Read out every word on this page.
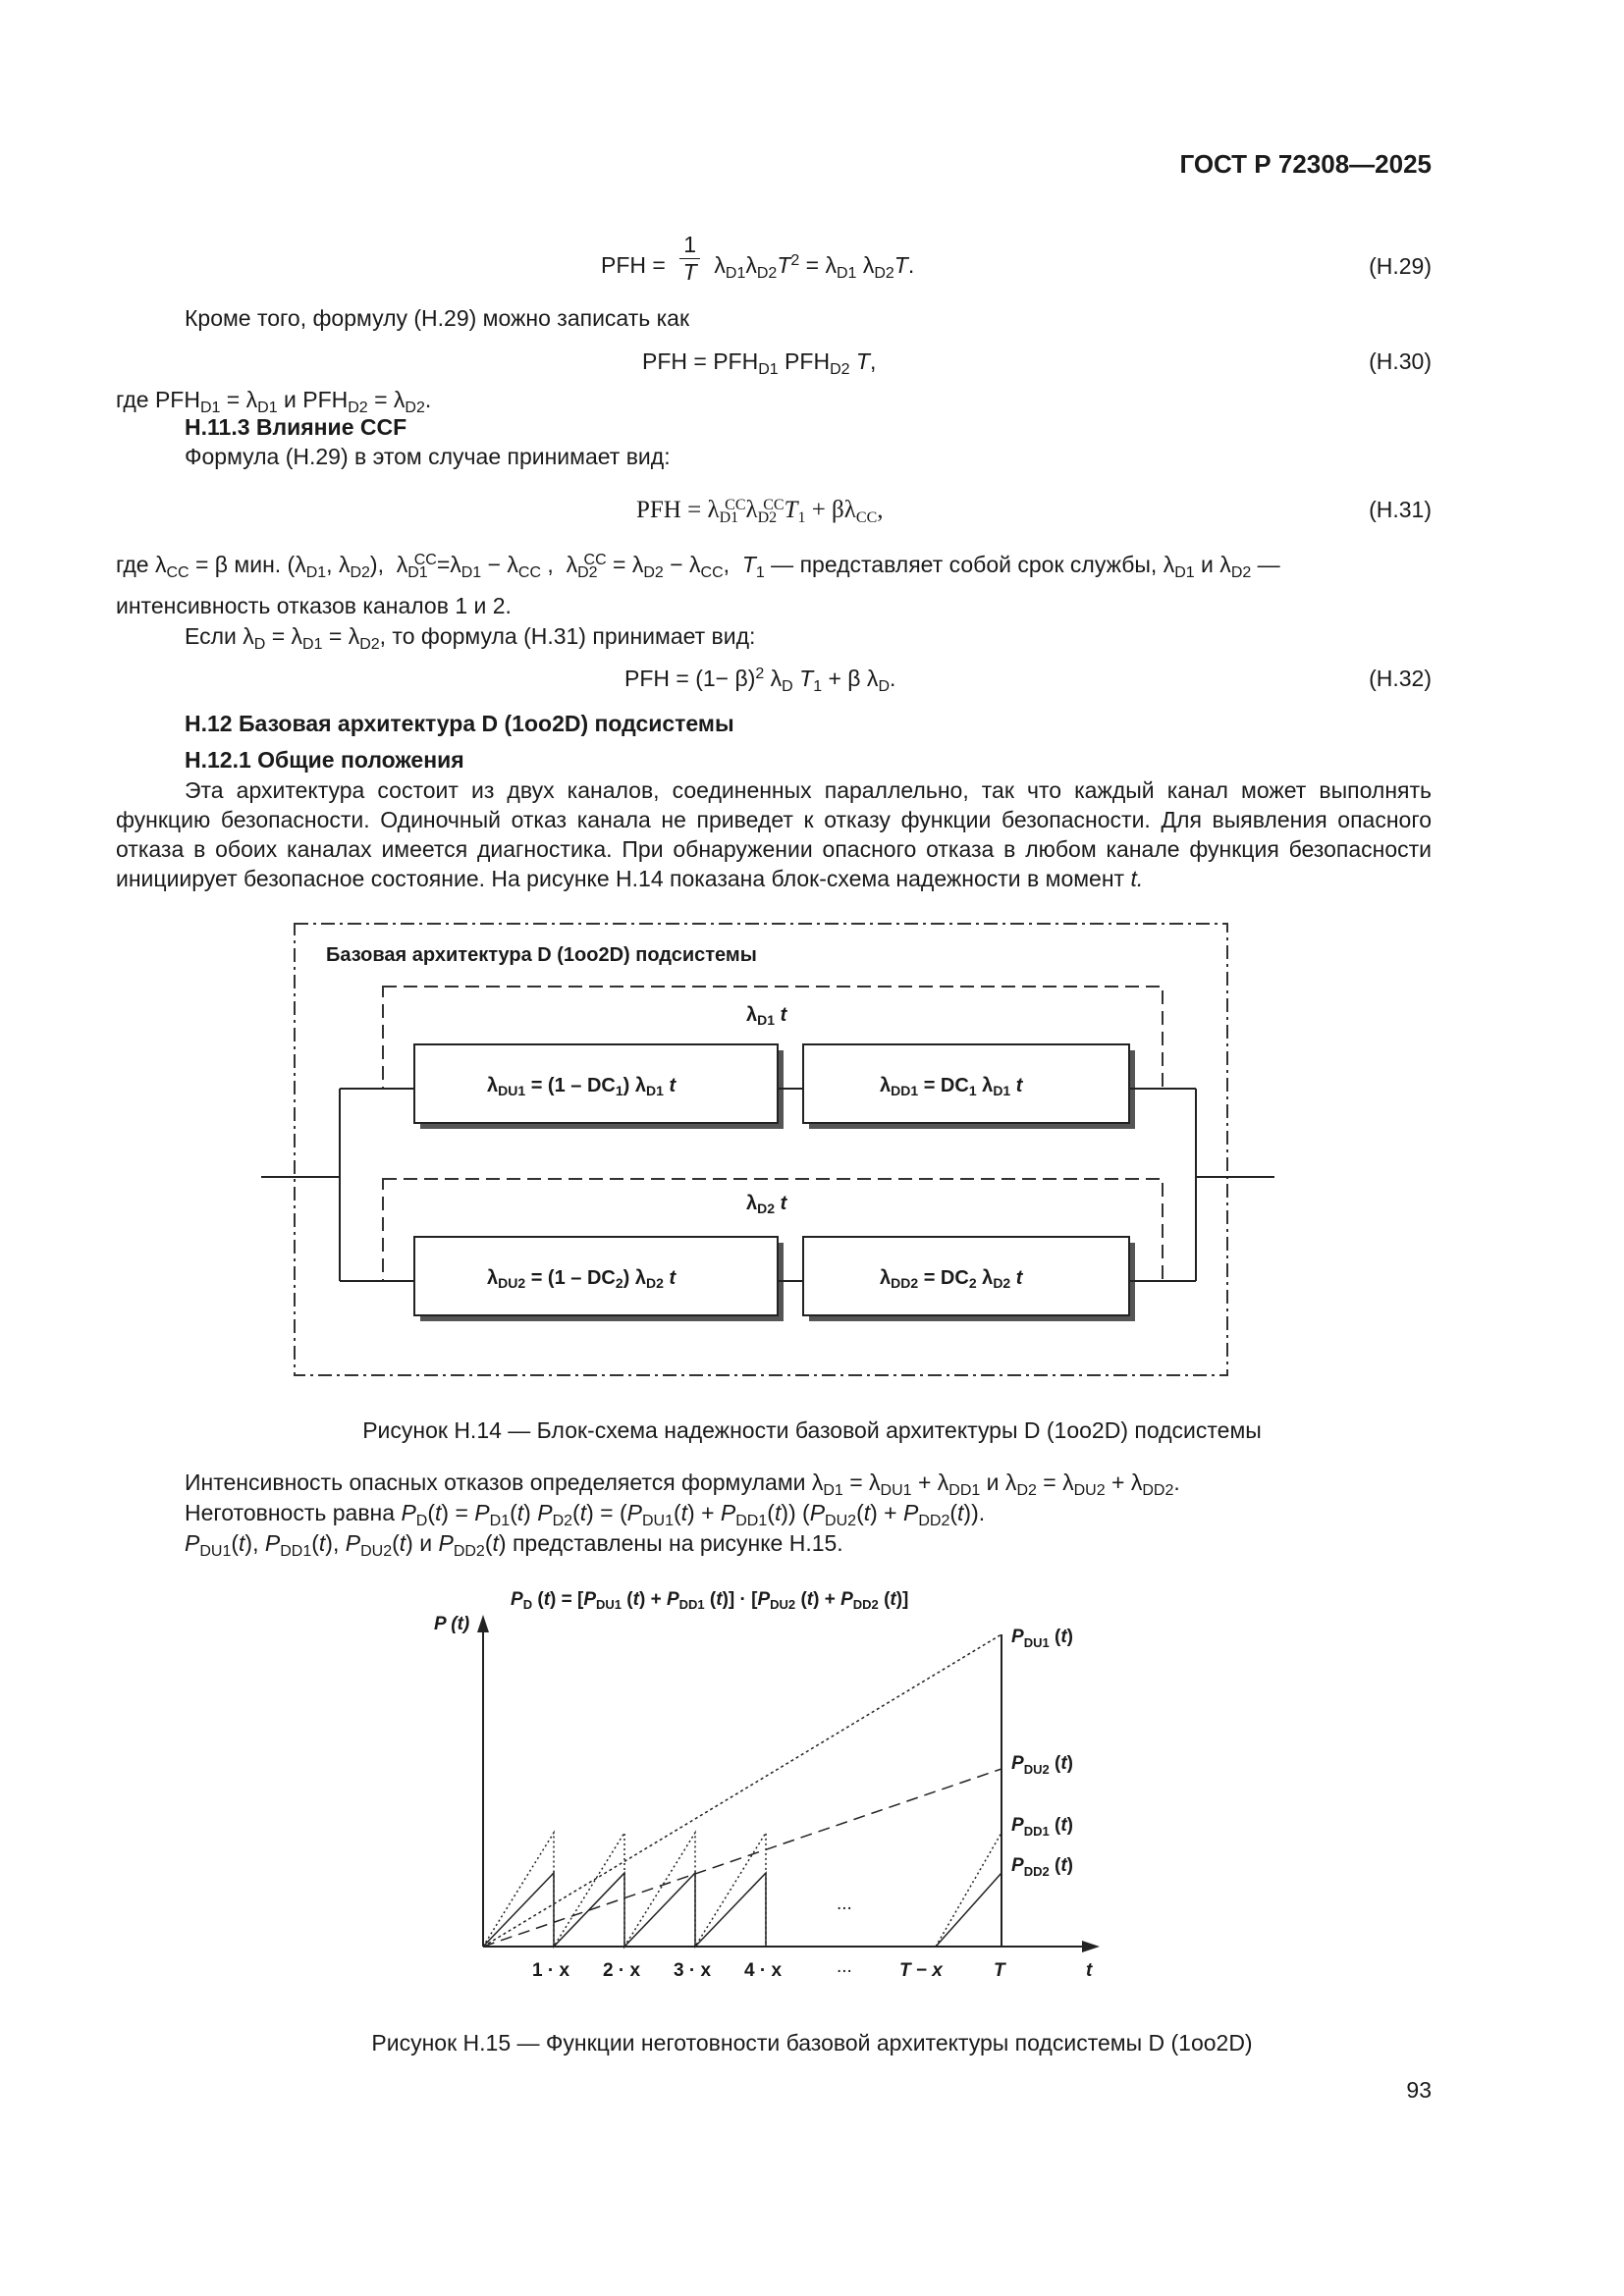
ГОСТ Р 72308—2025
PFH = $\frac{1}{T} \lambda_{D1}\lambda_{D2}T^2 = \lambda_{D1}$ $\lambda_{D2}T$.	(H.29)
Кроме того, формулу (H.29) можно записать как
PFH = $PFH_{D1}$ $PFH_{D2}$ T,	(H.30)
где $PFH_{D1} = \lambda_{D1}$ и $PFH_{D2} = \lambda_{D2}$.
H.11.3 Влияние CCF
Формула (H.29) в этом случае принимает вид:
PFH = $\lambda_{D1}^{CC}\lambda_{D2}^{CC}T_1 + \beta\lambda_{CC}$,	(H.31)
где $\lambda_{CC} = \beta$ мин. ($\lambda_{D1}$, $\lambda_{D2}$),  $\lambda_{D1}^{CC}=\lambda_{D1} - \lambda_{CC}$ ,  $\lambda_{D2}^{CC} = \lambda_{D2} - \lambda_{CC}$,  $T_1$ — представляет собой срок службы, $\lambda_{D1}$ и $\lambda_{D2}$ —
интенсивность отказов каналов 1 и 2.
Если $\lambda_D = \lambda_{D1} = \lambda_{D2}$, то формула (H.31) принимает вид:
PFH = $(1- \beta)^2$ $\lambda_D$ $T_1 + \beta$ $\lambda_D$.	(H.32)
H.12 Базовая архитектура D (1oo2D) подсистемы
H.12.1 Общие положения
Эта архитектура состоит из двух каналов, соединенных параллельно, так что каждый канал может выполнять функцию безопасности. Одиночный отказ канала не приведет к отказу функции безопасности. Для выявления опасного отказа в обоих каналах имеется диагностика. При обнаружении опасного отказа в любом канале функция безопасности инициирует безопасное состояние. На рисунке H.14 показана блок-схема надежности в момент t.
Базовая архитектура D (1oo2D) подсистемы
$\lambda_{D1}$ t
$\lambda_{D2}$ t
$\lambda_{DU1} = (1 - DC_1)$ $\lambda_{D1}$ t	$\lambda_{DD1} = DC_1$ $\lambda_{D1}$ t
$\lambda_{DU2} = (1 - DC_2)$ $\lambda_{D2}$ t	$\lambda_{DD2} = DC_2$ $\lambda_{D2}$ t
Рисунок H.14 — Блок-схема надежности базовой архитектуры D (1oo2D) подсистемы
Интенсивность опасных отказов определяется формулами $\lambda_{D1} = \lambda_{DU1} + \lambda_{DD1}$ и $\lambda_{D2} = \lambda_{DU2} + \lambda_{DD2}$.
Неготовность равна $P_D(t) = P_{D1}(t) P_{D2}(t) = (P_{DU1}(t) + P_{DD1}(t)) (P_{DU2}(t) + P_{DD2}(t))$.
$P_{DU1}(t)$, $P_{DD1}(t)$, $P_{DU2}(t)$ и $P_{DD2}(t)$ представлены на рисунке H.15.
$P_D$ $(t) = [P_{DU1}$ $(t) + P_{DD1}$ $(t)] \cdot [P_{DU2}$ $(t) + P_{DD2}$ (t)]
P (t)
t
1 · x 2 · x 3 · x 4 · x	...	T − x	T
...
$P_{DU1}$ (t)
$P_{DU2}$ (t)
$P_{DD1}$ (t)
$P_{DD2}$ (t)
Рисунок H.15 — Функции неготовности базовой архитектуры подсистемы D (1oo2D)
93
